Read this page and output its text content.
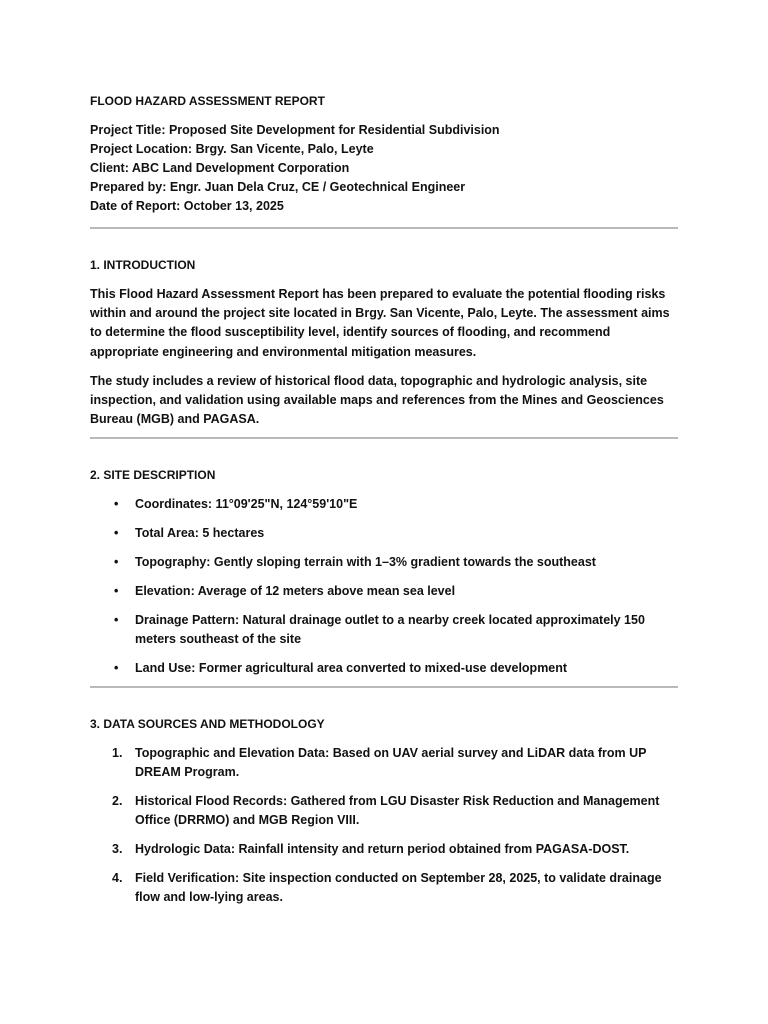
FLOOD HAZARD ASSESSMENT REPORT

Project Title: Proposed Site Development for Residential Subdivision

Project Location: Brgy. San Vicente, Palo, Leyte

Client: ABC Land Development Corporation

Prepared by: Engr. Juan Dela Cruz, CE / Geotechnical Engineer

Date of Report: October 13, 2025

1. INTRODUCTION

This Flood Hazard Assessment Report has been prepared to evaluate the potential flooding risks within and around the project site located in Brgy. San Vicente, Palo, Leyte. The assessment aims to determine the flood susceptibility level, identify sources of flooding, and recommend appropriate engineering and environmental mitigation measures.

The study includes a review of historical flood data, topographic and hydrologic analysis, site inspection, and validation using available maps and references from the Mines and Geosciences Bureau (MGB) and PAGASA.

2. SITE DESCRIPTION
• Coordinates: 11°09'25"N, 124°59'10"E
• Total Area: 5 hectares
• Topography: Gently sloping terrain with 1–3% gradient towards the southeast
• Elevation: Average of 12 meters above mean sea level
• Drainage Pattern: Natural drainage outlet to a nearby creek located approximately 150 meters southeast of the site
• Land Use: Former agricultural area converted to mixed-use development
3. DATA SOURCES AND METHODOLOGY
1. Topographic and Elevation Data: Based on UAV aerial survey and LiDAR data from UP DREAM Program.
2. Historical Flood Records: Gathered from LGU Disaster Risk Reduction and Management Office (DRRMO) and MGB Region VIII.
3. Hydrologic Data: Rainfall intensity and return period obtained from PAGASA-DOST.
4. Field Verification: Site inspection conducted on September 28, 2025, to validate drainage flow and low-lying areas.
